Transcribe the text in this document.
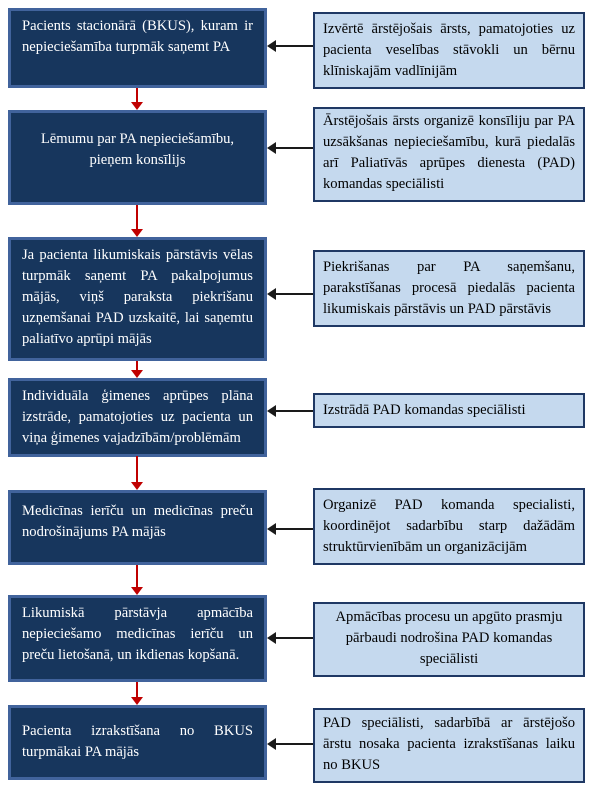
Pacients stacionārā (BKUS), kuram ir nepieciešamība turpmāk saņemt PA
Lēmumu par PA nepieciešamību, pieņem konsīlijs
Ja pacienta likumiskais pārstāvis vēlas turpmāk saņemt PA pakalpojumus mājās, viņš paraksta piekrišanu uzņemšanai PAD uzskaitē, lai saņemtu paliatīvo aprūpi mājās
Individuāla ģimenes aprūpes plāna izstrāde, pamatojoties uz pacienta un viņa ģimenes vajadzībām/problēmām
Medicīnas ierīču un medicīnas preču nodrošinājums PA mājās
Likumiskā pārstāvja apmācība nepieciešamo medicīnas ierīču un preču lietošanā, un ikdienas kopšanā.
Pacienta izrakstīšana no BKUS turpmākai PA mājās
Izvērtē ārstējošais ārsts, pamatojoties uz pacienta veselības stāvokli un bērnu klīniskajām vadlīnijām
Ārstējošais ārsts organizē konsīliju par PA uzsākšanas nepieciešamību, kurā piedalās arī Paliatīvās aprūpes dienesta (PAD) komandas speciālisti
Piekrišanas par PA saņemšanu, parakstīšanas procesā piedalās pacienta likumiskais pārstāvis un PAD pārstāvis
Izstrādā PAD komandas speciālisti
Organizē PAD komanda specialisti, koordinējot sadarbību starp dažādām struktūrvienībām un organizācijām
Apmācības procesu un apgūto prasmju pārbaudi nodrošina PAD komandas speciālisti
PAD speciālisti, sadarbībā ar ārstējošo ārstu nosaka pacienta izrakstīšanas laiku no BKUS
